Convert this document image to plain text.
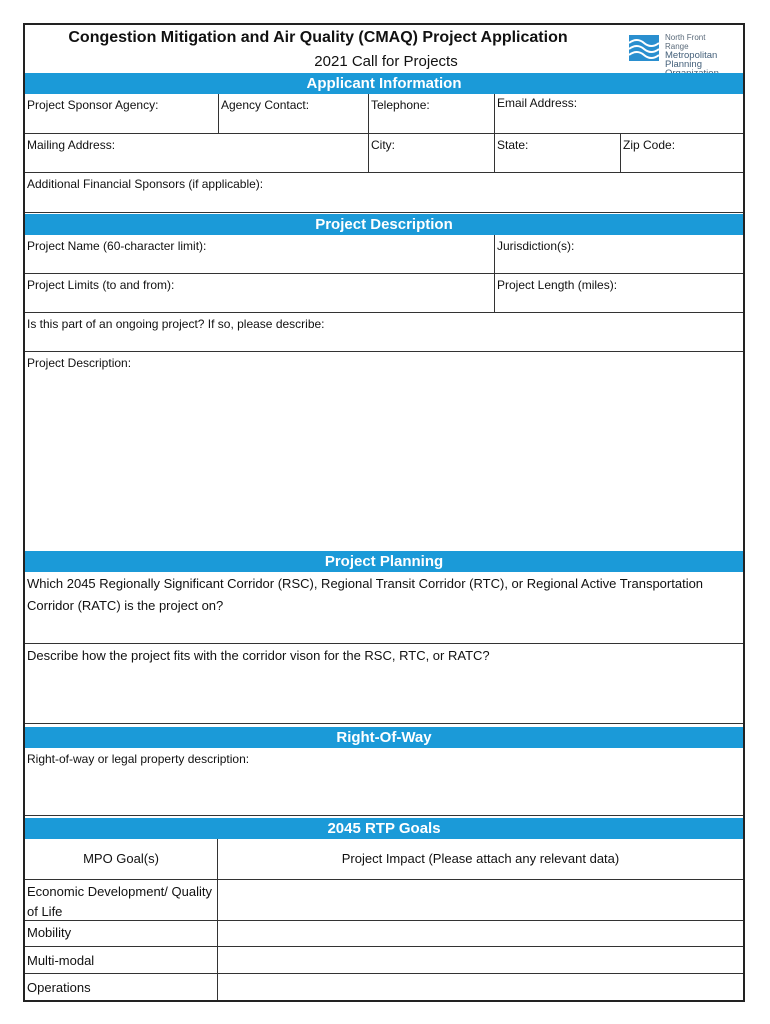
Congestion Mitigation and Air Quality (CMAQ) Project Application
2021 Call for Projects
North Front Range
Metropolitan
Planning
Applicant Information
Project Sponsor Agency:	Agency Contact:	Telephone:	Email Address:
Mailing Address:	City:	State:	Zip Code:
Additional Financial Sponsors (if applicable):
Project Description
Project Name (60-character limit):	Jurisdiction(s):
Project Limits (to and from):	Project Length (miles):
Is this part of an ongoing project? If so, please describe:
Project Description:
Project Planning
Which 2045 Regionally Significant Corridor (RSC), Regional Transit Corridor (RTC), or Regional Active Transportation Corridor (RATC) is the project on?
Describe how the project fits with the corridor vison for the RSC, RTC, or RATC?
Right-Of-Way
Right-of-way or legal property description:
2045 RTP Goals
MPO Goal(s)	Project Impact (Please attach any relevant data)
Economic Development/ Quality of Life
Mobility
Multi-modal
Operations
